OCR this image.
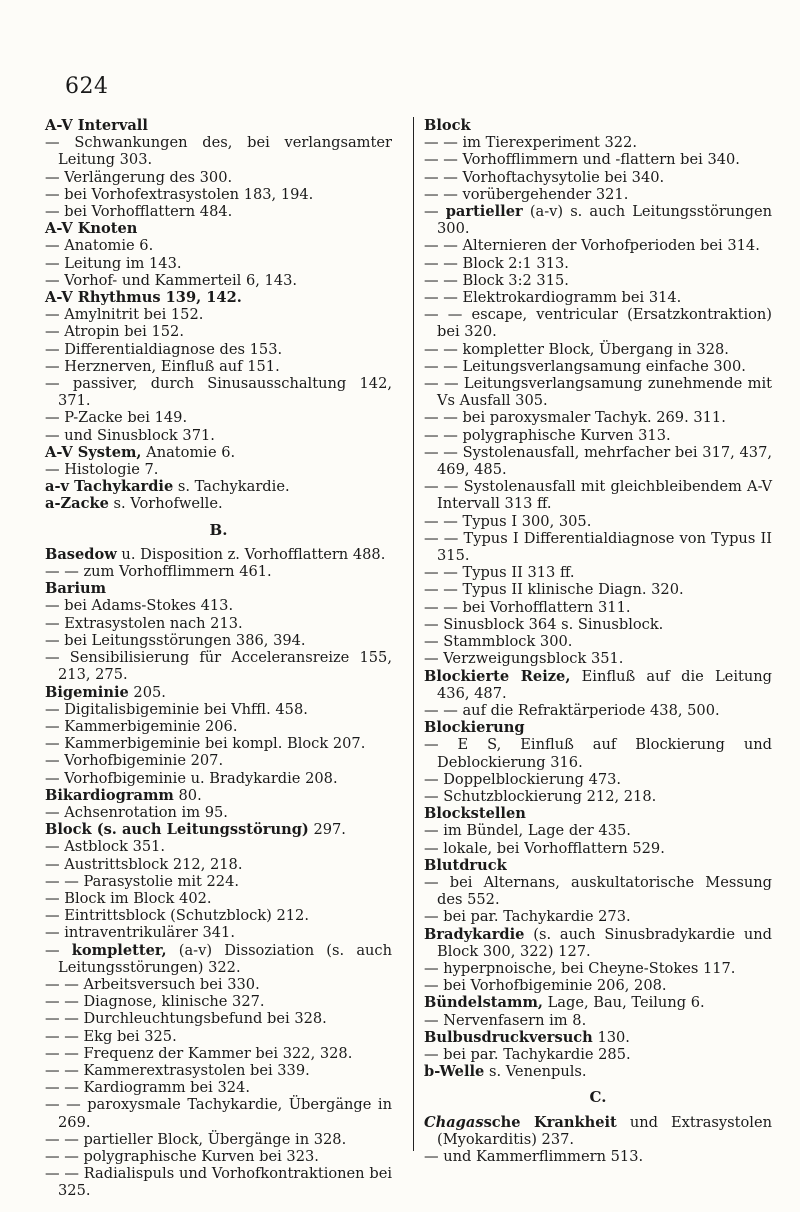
624

A-V Intervall

— Schwankungen des, bei verlangsamter Leitung 303.

— Verlängerung des 300.

— bei Vorhofextrasystolen 183, 194.

— bei Vorhofflattern 484.

A-V Knoten

— Anatomie 6.

— Leitung im 143.

— Vorhof- und Kammerteil 6, 143.

A-V Rhythmus 139, 142.

— Amylnitrit bei 152.

— Atropin bei 152.

— Differentialdiagnose des 153.

— Herznerven, Einfluß auf 151.

— passiver, durch Sinusausschaltung 142, 371.

— P-Zacke bei 149.

— und Sinusblock 371.

A-V System, Anatomie 6.

— Histologie 7.

a-v Tachykardie s. Tachykardie.

a-Zacke s. Vorhofwelle.

B.

Basedow u. Disposition z. Vorhofflattern 488.

— — zum Vorhofflimmern 461.

Barium

— bei Adams-Stokes 413.

— Extrasystolen nach 213.

— bei Leitungsstörungen 386, 394.

— Sensibilisierung für Acceleransreize 155, 213, 275.

Bigeminie 205.

— Digitalisbigeminie bei Vhffl. 458.

— Kammerbigeminie 206.

— Kammerbigeminie bei kompl. Block 207.

— Vorhofbigeminie 207.

— Vorhofbigeminie u. Bradykardie 208.

Bikardiogramm 80.

— Achsenrotation im 95.

Block (s. auch Leitungsstörung) 297.

— Astblock 351.

— Austrittsblock 212, 218.

— — Parasystolie mit 224.

— Block im Block 402.

— Eintrittsblock (Schutzblock) 212.

— intraventrikulärer 341.

— kompletter, (a-v) Dissoziation (s. auch Leitungsstörungen) 322.

— — Arbeitsversuch bei 330.

— — Diagnose, klinische 327.

— — Durchleuchtungsbefund bei 328.

— — Ekg bei 325.

— — Frequenz der Kammer bei 322, 328.

— — Kammerextrasystolen bei 339.

— — Kardiogramm bei 324.

— — paroxysmale Tachykardie, Übergänge in 269.

— — partieller Block, Übergänge in 328.

— — polygraphische Kurven bei 323.

— — Radialispuls und Vorhofkontraktionen bei 325.

Block

— — im Tierexperiment 322.

— — Vorhofflimmern und -flattern bei 340.

— — Vorhoftachysytolie bei 340.

— — vorübergehender 321.

— partieller (a-v) s. auch Leitungsstörungen 300.

— — Alternieren der Vorhofperioden bei 314.

— — Block 2:1 313.

— — Block 3:2 315.

— — Elektrokardiogramm bei 314.

— — escape, ventricular (Ersatzkontraktion) bei 320.

— — kompletter Block, Übergang in 328.

— — Leitungsverlangsamung einfache 300.

— — Leitungsverlangsamung zunehmende mit Vs Ausfall 305.

— — bei paroxysmaler Tachyk. 269. 311.

— — polygraphische Kurven 313.

— — Systolenausfall, mehrfacher bei 317, 437, 469, 485.

— — Systolenausfall mit gleichbleibendem A-V Intervall 313 ff.

— — Typus I 300, 305.

— — Typus I Differentialdiagnose von Typus II 315.

— — Typus II 313 ff.

— — Typus II klinische Diagn. 320.

— — bei Vorhofflattern 311.

— Sinusblock 364 s. Sinusblock.

— Stammblock 300.

— Verzweigungsblock 351.

Blockierte Reize, Einfluß auf die Leitung 436, 487.

— — auf die Refraktärperiode 438, 500.

Blockierung

— E S, Einfluß auf Blockierung und Deblockierung 316.

— Doppelblockierung 473.

— Schutzblockierung 212, 218.

Blockstellen

— im Bündel, Lage der 435.

— lokale, bei Vorhofflattern 529.

Blutdruck

— bei Alternans, auskultatorische Messung des 552.

— bei par. Tachykardie 273.

Bradykardie (s. auch Sinusbradykardie und Block 300, 322) 127.

— hyperpnoische, bei Cheyne-Stokes 117.

— bei Vorhofbigeminie 206, 208.

Bündelstamm, Lage, Bau, Teilung 6.

— Nervenfasern im 8.

Bulbusdruckversuch 130.

— bei par. Tachykardie 285.

b-Welle s. Venenpuls.

C.

Chagassche Krankheit und Extrasystolen (Myokarditis) 237.

— und Kammerflimmern 513.
